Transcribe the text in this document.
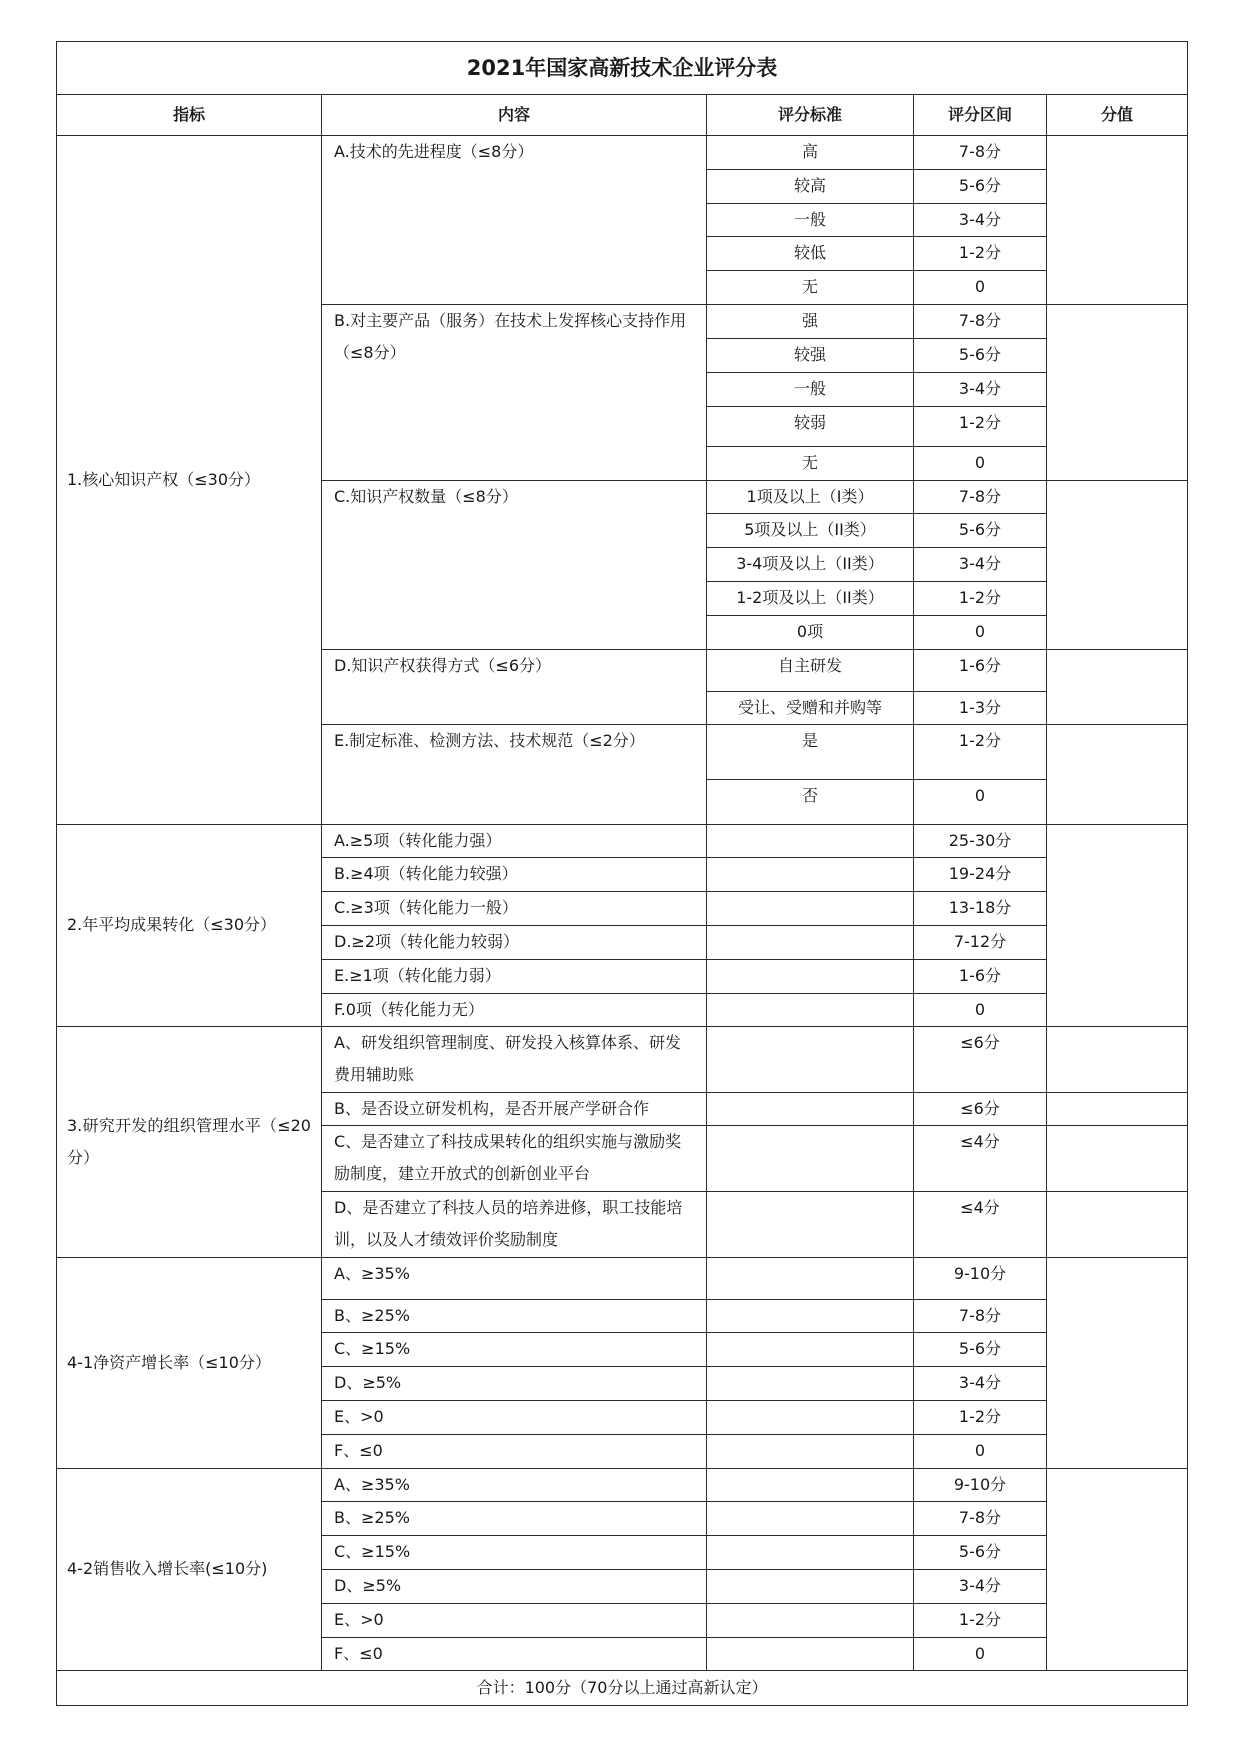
2021年国家高新技术企业评分表				
指标	内容	评分标准	评分区间	分值
1.核心知识产权（≤30分）	A.技术的先进程度（≤8分）	高	7-8分	
		较高	5-6分	
		一般	3-4分	
		较低	1-2分	
		无	0	
	B.对主要产品（服务）在技术上发挥核心支持作用（≤8分）	强	7-8分	
		较强	5-6分	
		一般	3-4分	
		较弱	1-2分	
		无	0	
	C.知识产权数量（≤8分）	1项及以上（I类）	7-8分	
		5项及以上（II类）	5-6分	
		3-4项及以上（II类）	3-4分	
		1-2项及以上（II类）	1-2分	
		0项	0	
	D.知识产权获得方式（≤6分）	自主研发	1-6分	
		受让、受赠和并购等	1-3分	
	E.制定标准、检测方法、技术规范（≤2分）	是	1-2分	
		否	0	
2.年平均成果转化（≤30分）	A.≥5项（转化能力强）		25-30分	
	B.≥4项（转化能力较强）		19-24分	
	C.≥3项（转化能力一般）		13-18分	
	D.≥2项（转化能力较弱）		7-12分	
	E.≥1项（转化能力弱）		1-6分	
	F.0项（转化能力无）		0	
3.研究开发的组织管理水平（≤20分）	A、研发组织管理制度、研发投入核算体系、研发费用辅助账		≤6分	
	B、是否设立研发机构，是否开展产学研合作		≤6分	
	C、是否建立了科技成果转化的组织实施与激励奖励制度，建立开放式的创新创业平台		≤4分	
	D、是否建立了科技人员的培养进修，职工技能培训，以及人才绩效评价奖励制度		≤4分	
4-1净资产增长率（≤10分）	A、≥35%		9-10分	
	B、≥25%		7-8分	
	C、≥15%		5-6分	
	D、≥5%		3-4分	
	E、>0		1-2分	
	F、≤0		0	
4-2销售收入增长率(≤10分)	A、≥35%		9-10分	
	B、≥25%		7-8分	
	C、≥15%		5-6分	
	D、≥5%		3-4分	
	E、>0		1-2分	
	F、≤0		0	
合计：100分（70分以上通过高新认定）				
